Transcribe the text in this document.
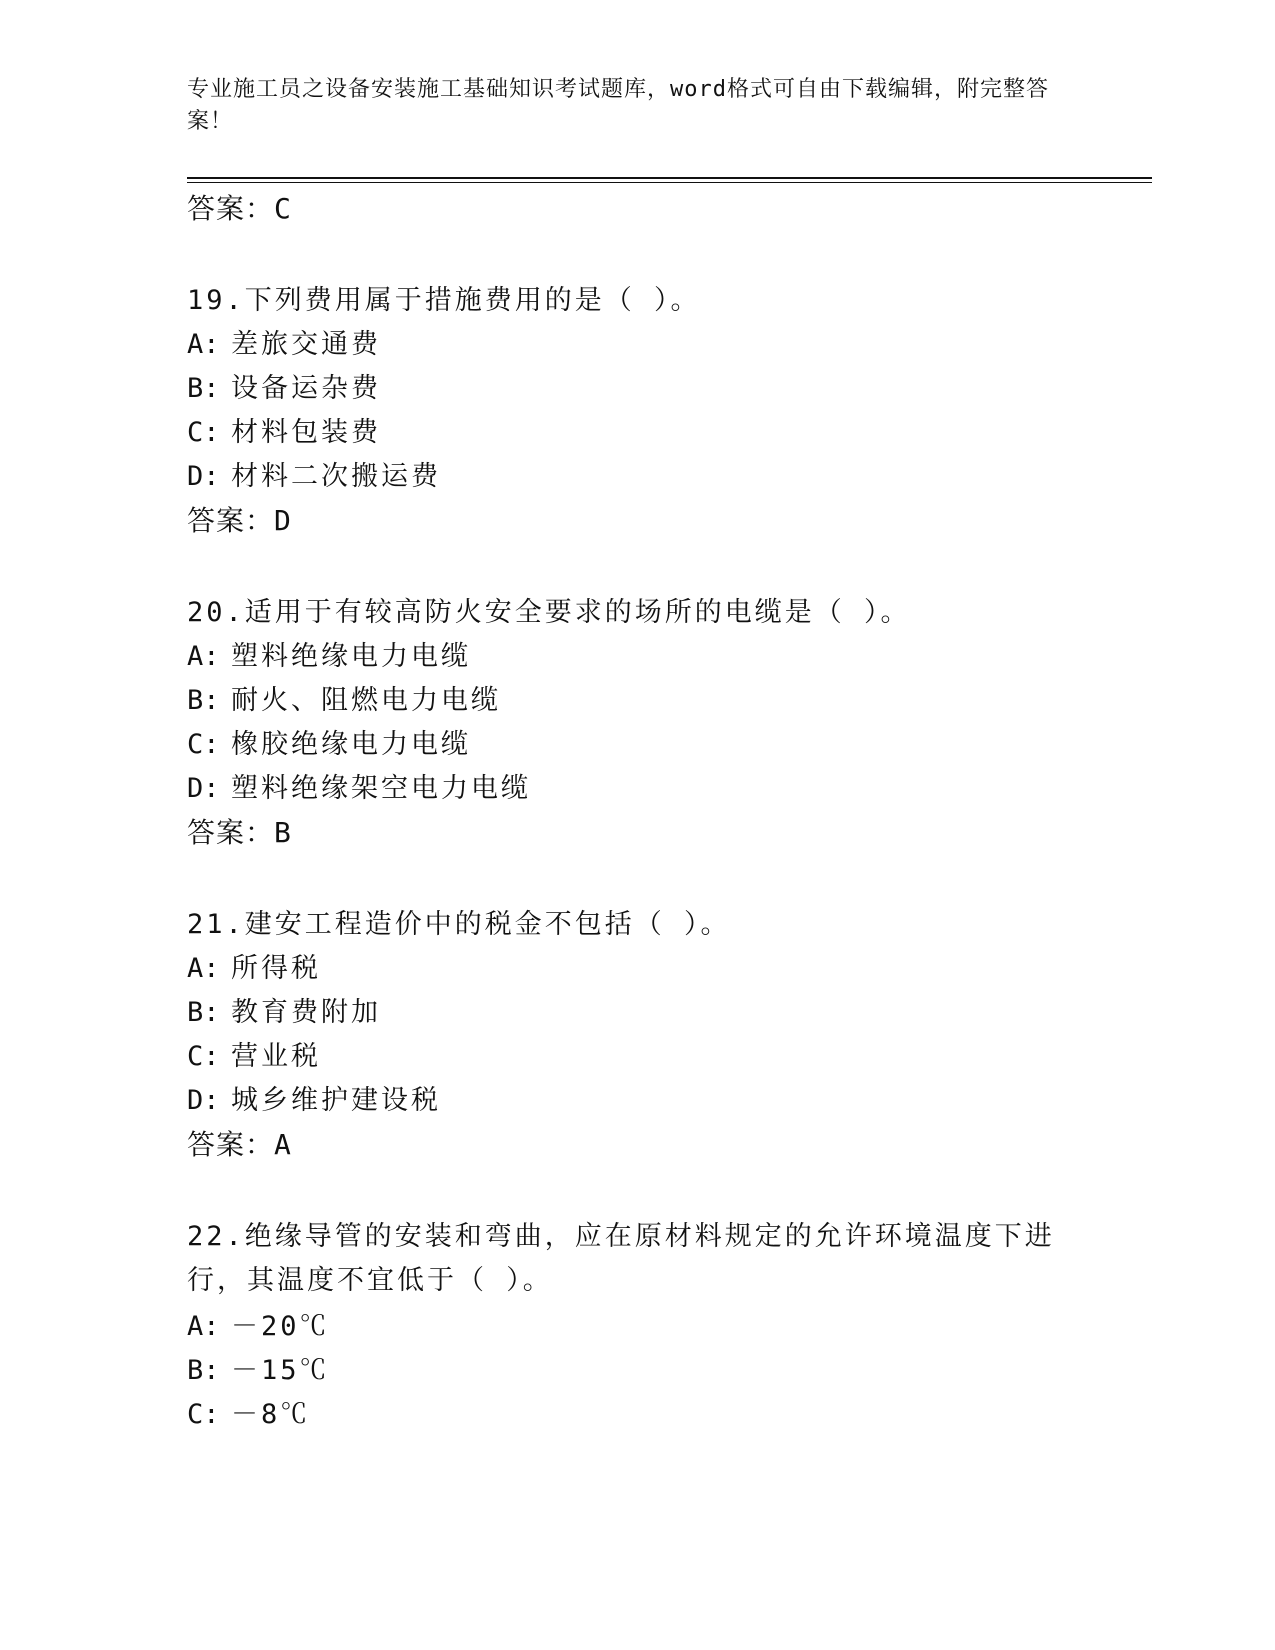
专业施工员之设备安装施工基础知识考试题库，word格式可自由下载编辑，附完整答案！
答案：C
19.下列费用属于措施费用的是（ ）。
A: 差旅交通费
B: 设备运杂费
C: 材料包装费
D: 材料二次搬运费
答案：D
20.适用于有较高防火安全要求的场所的电缆是（ ）。
A: 塑料绝缘电力电缆
B: 耐火、阻燃电力电缆
C: 橡胶绝缘电力电缆
D: 塑料绝缘架空电力电缆
答案：B
21.建安工程造价中的税金不包括（ ）。
A: 所得税
B: 教育费附加
C: 营业税
D: 城乡维护建设税
答案：A
22.绝缘导管的安装和弯曲，应在原材料规定的允许环境温度下进行，其温度不宜低于（ ）。
A: －20℃
B: －15℃
C: －8℃
